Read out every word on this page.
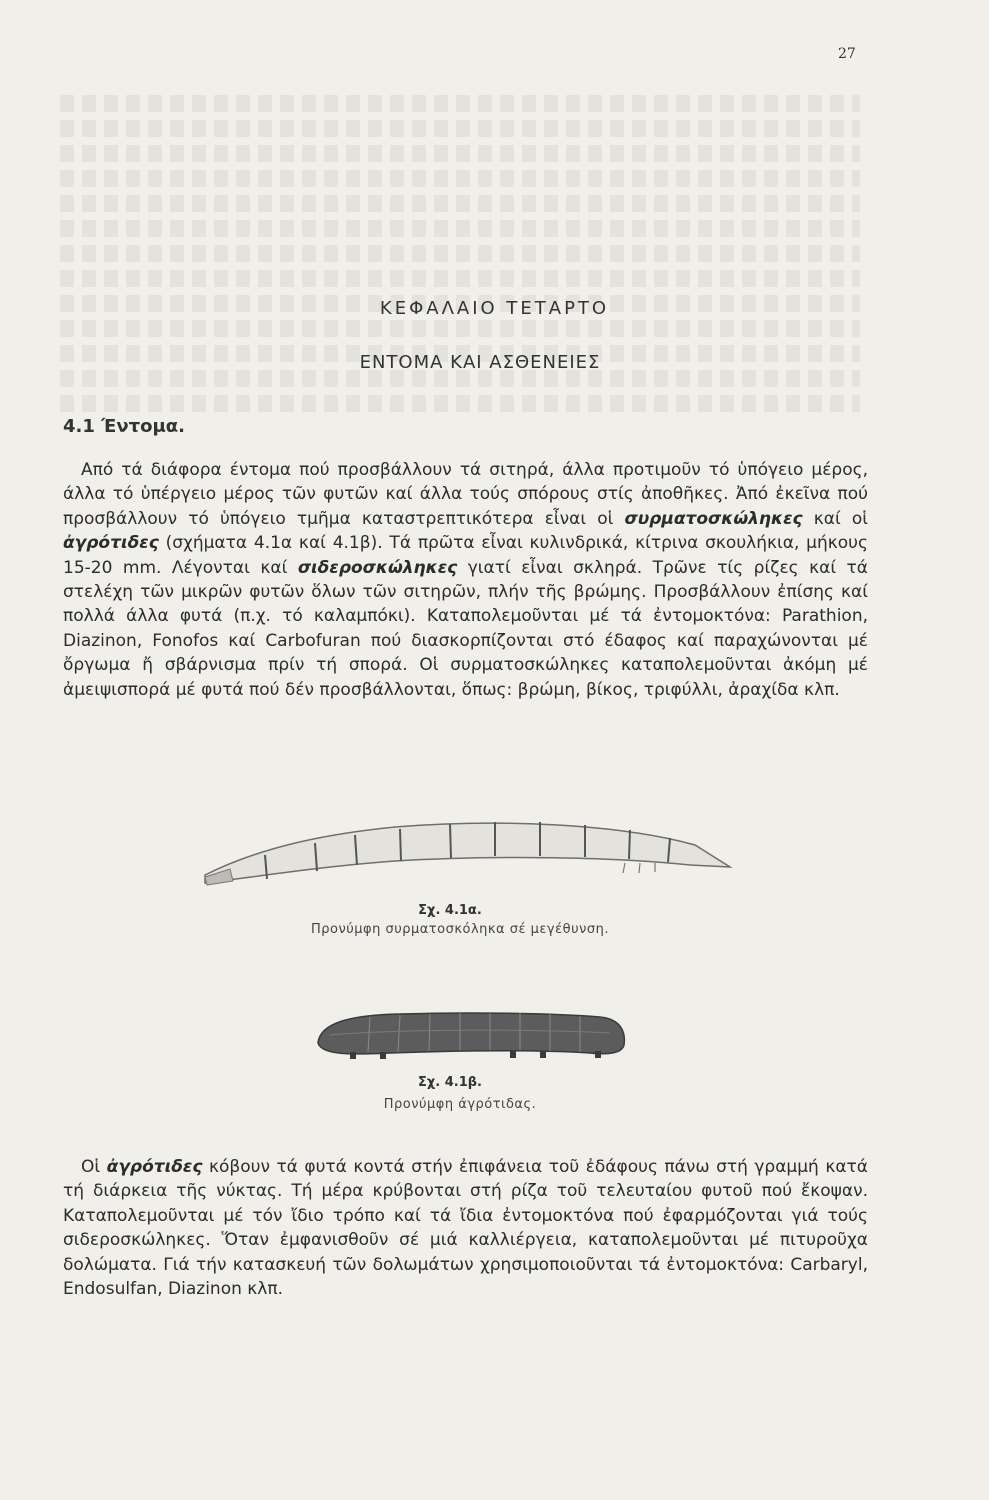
27
ΚΕΦΑΛΑΙΟ ΤΕΤΑΡΤΟ
ΕΝΤΟΜΑ ΚΑΙ ΑΣΘΕΝΕΙΕΣ
4.1 Έντομα.

Από τά διάφορα έντομα πού προσβάλλουν τά σιτηρά, άλλα προτιμοῦν τό ὑπόγειο μέρος, άλλα τό ὑπέργειο μέρος τῶν φυτῶν καί άλλα τούς σπόρους στίς ἀποθῆκες. Ἀπό ἐκεῖνα πού προσβάλλουν τό ὑπόγειο τμῆμα καταστρεπτικότερα εἶναι οἱ συρματοσκώληκες καί οἱ ἀγρότιδες (σχήματα 4.1α καί 4.1β). Τά πρῶτα εἶναι κυλινδρικά, κίτρινα σκουλήκια, μήκους 15-20 mm. Λέγονται καί σιδεροσκώληκες γιατί εἶναι σκληρά. Τρῶνε τίς ρίζες καί τά στελέχη τῶν μικρῶν φυτῶν ὅλων τῶν σιτηρῶν, πλήν τῆς βρώμης. Προσβάλλουν ἐπίσης καί πολλά άλλα φυτά (π.χ. τό καλαμπόκι). Καταπολεμοῦνται μέ τά ἐντομοκτόνα: Parathion, Diazinon, Fonofos καί Carbofuran πού διασκορπίζονται στό έδαφος καί παραχώνονται μέ ὄργωμα ἤ σβάρνισμα πρίν τή σπορά. Οἱ συρματοσκώληκες καταπολεμοῦνται ἀκόμη μέ ἀμειψισπορά μέ φυτά πού δέν προσβάλλονται, ὅπως: βρώμη, βίκος, τριφύλλι, ἀραχίδα κλπ.

Σχ. 4.1α.
Προνύμφη συρματοσκόληκα σέ μεγέθυνση.
Σχ. 4.1β.
Προνύμφη άγρότιδας.

Οἱ ἀγρότιδες κόβουν τά φυτά κοντά στήν ἐπιφάνεια τοῦ ἐδάφους πάνω στή γραμμή κατά τή διάρκεια τῆς νύκτας. Τή μέρα κρύβονται στή ρίζα τοῦ τελευταίου φυτοῦ πού ἔκοψαν. Καταπολεμοῦνται μέ τόν ἴδιο τρόπο καί τά ἴδια ἐντομοκτόνα πού ἐφαρμόζονται γιά τούς σιδεροσκώληκες. Ὅταν ἐμφανισθοῦν σέ μιά καλλιέργεια, καταπολεμοῦνται μέ πιτυροῦχα δολώματα. Γιά τήν κατασκευή τῶν δολωμάτων χρησιμοποιοῦνται τά ἐντομοκτόνα: Carbaryl, Endosulfan, Diazinon κλπ.
